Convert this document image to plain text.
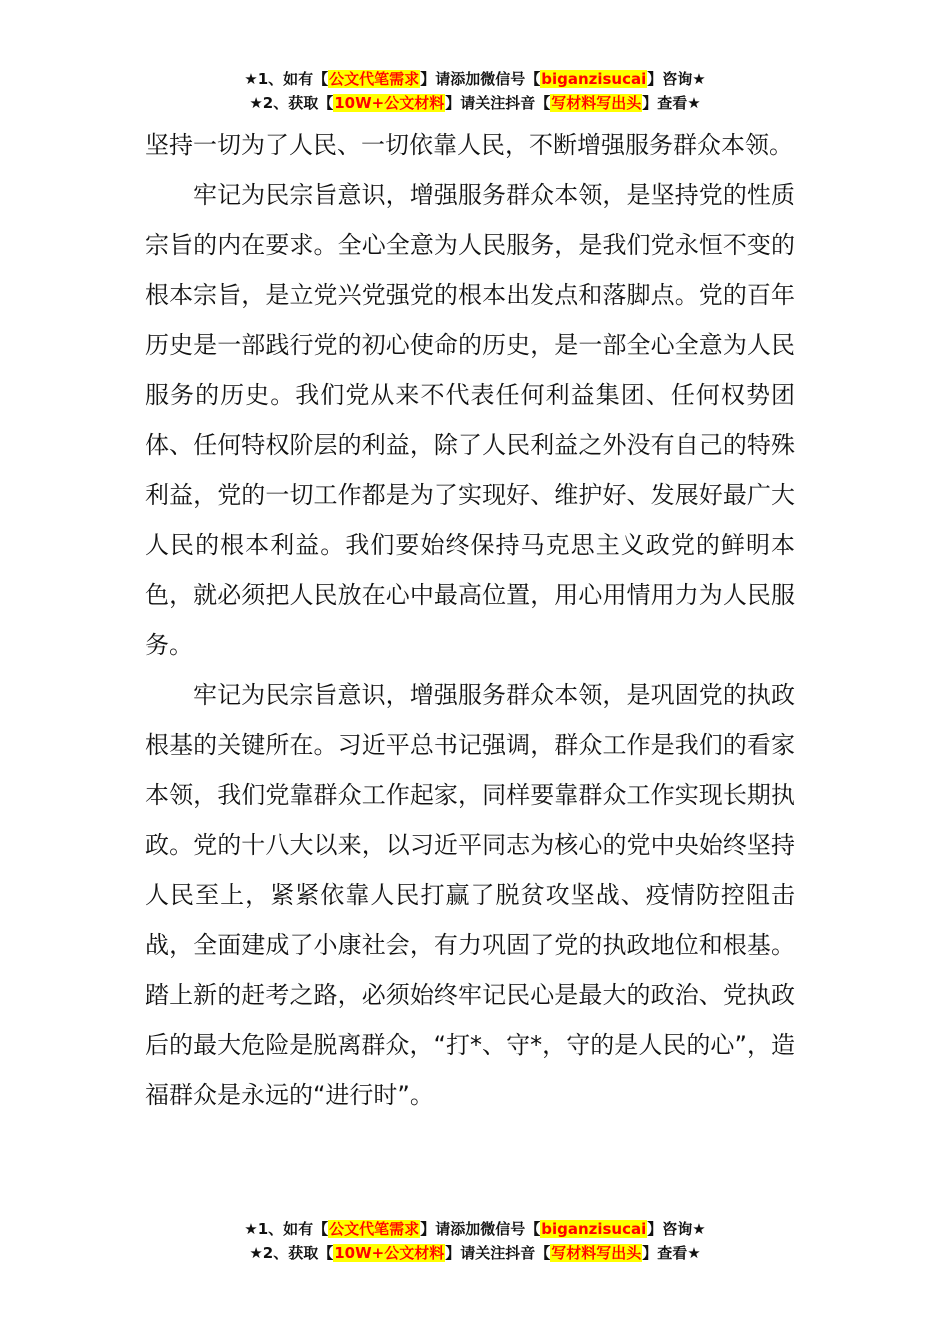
★1、如有【公文代笔需求】请添加微信号【biganzisucai】咨询★
★2、获取【10W+公文材料】请关注抖音【写材料写出头】查看★

坚持一切为了人民、一切依靠人民，不断增强服务群众本领。

牢记为民宗旨意识，增强服务群众本领，是坚持党的性质宗旨的内在要求。全心全意为人民服务，是我们党永恒不变的根本宗旨，是立党兴党强党的根本出发点和落脚点。党的百年历史是一部践行党的初心使命的历史，是一部全心全意为人民服务的历史。我们党从来不代表任何利益集团、任何权势团体、任何特权阶层的利益，除了人民利益之外没有自己的特殊利益，党的一切工作都是为了实现好、维护好、发展好最广大人民的根本利益。我们要始终保持马克思主义政党的鲜明本色，就必须把人民放在心中最高位置，用心用情用力为人民服务。

牢记为民宗旨意识，增强服务群众本领，是巩固党的执政根基的关键所在。习近平总书记强调，群众工作是我们的看家本领，我们党靠群众工作起家，同样要靠群众工作实现长期执政。党的十八大以来，以习近平同志为核心的党中央始终坚持人民至上，紧紧依靠人民打赢了脱贫攻坚战、疫情防控阻击战，全面建成了小康社会，有力巩固了党的执政地位和根基。踏上新的赶考之路，必须始终牢记民心是最大的政治、党执政后的最大危险是脱离群众，“打*、守*，守的是人民的心”，造福群众是永远的“进行时”。

★1、如有【公文代笔需求】请添加微信号【biganzisucai】咨询★
★2、获取【10W+公文材料】请关注抖音【写材料写出头】查看★
